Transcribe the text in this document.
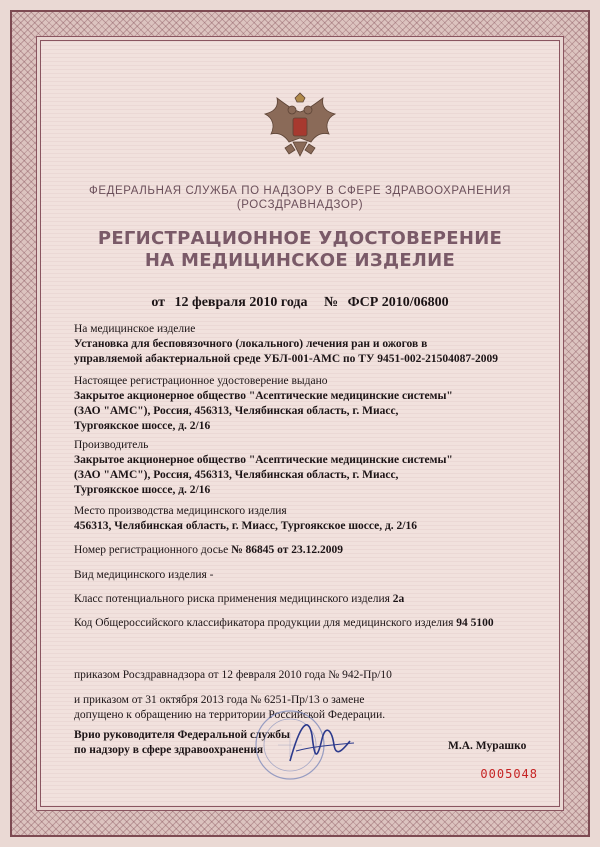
ФЕДЕРАЛЬНАЯ СЛУЖБА ПО НАДЗОРУ В СФЕРЕ ЗДРАВООХРАНЕНИЯ
(РОСЗДРАВНАДЗОР)
РЕГИСТРАЦИОННОЕ УДОСТОВЕРЕНИЕ
НА МЕДИЦИНСКОЕ ИЗДЕЛИЕ
от 12 февраля 2010 года № ФСР 2010/06800
На медицинское изделие
Установка для бесповязочного (локального) лечения ран и ожогов в
управляемой абактериальной среде УБЛ-001-АМС по ТУ 9451-002-21504087-2009
Настоящее регистрационное удостоверение выдано
Закрытое акционерное общество "Асептические медицинские системы"
(ЗАО "АМС"), Россия, 456313, Челябинская область, г. Миасс,
Тургоякское шоссе, д. 2/16
Производитель
Закрытое акционерное общество "Асептические медицинские системы"
(ЗАО "АМС"), Россия, 456313, Челябинская область, г. Миасс,
Тургоякское шоссе, д. 2/16
Место производства медицинского изделия
456313, Челябинская область, г. Миасс, Тургоякское шоссе, д. 2/16
Номер регистрационного досье № 86845 от 23.12.2009
Вид медицинского изделия -
Класс потенциального риска применения медицинского изделия 2а
Код Общероссийского классификатора продукции для медицинского изделия 94 5100
приказом Росздравнадзора от 12 февраля 2010 года № 942-Пр/10
и приказом от 31 октября 2013 года № 6251-Пр/13 о замене
допущено к обращению на территории Российской Федерации.
Врио руководителя Федеральной службы
по надзору в сфере здравоохранения	М.А. Мурашко
0005048
